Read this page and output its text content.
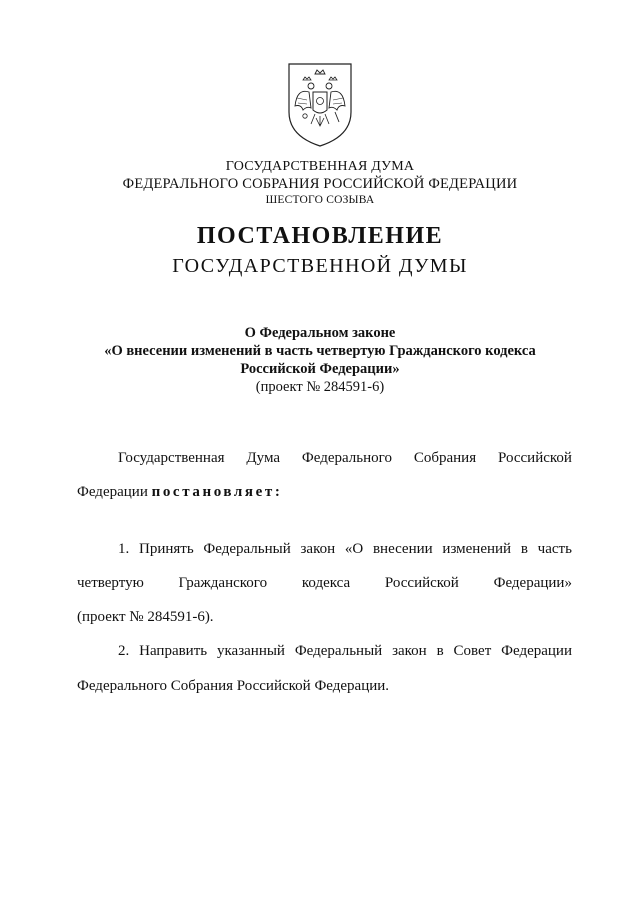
ГОСУДАРСТВЕННАЯ ДУМА
ФЕДЕРАЛЬНОГО СОБРАНИЯ РОССИЙСКОЙ ФЕДЕРАЦИИ
ШЕСТОГО СОЗЫВА
ПОСТАНОВЛЕНИЕ
ГОСУДАРСТВЕННОЙ ДУМЫ
О Федеральном законе
«О внесении изменений в часть четвертую Гражданского кодекса
Российской Федерации»
(проект № 284591-6)
Государственная Дума Федерального Собрания Российской
Федерации постановляет:
1. Принять Федеральный закон «О внесении изменений в часть
четвертую Гражданского кодекса Российской Федерации»
(проект № 284591-6).
2. Направить указанный Федеральный закон в Совет Федерации
Федерального Собрания Российской Федерации.
